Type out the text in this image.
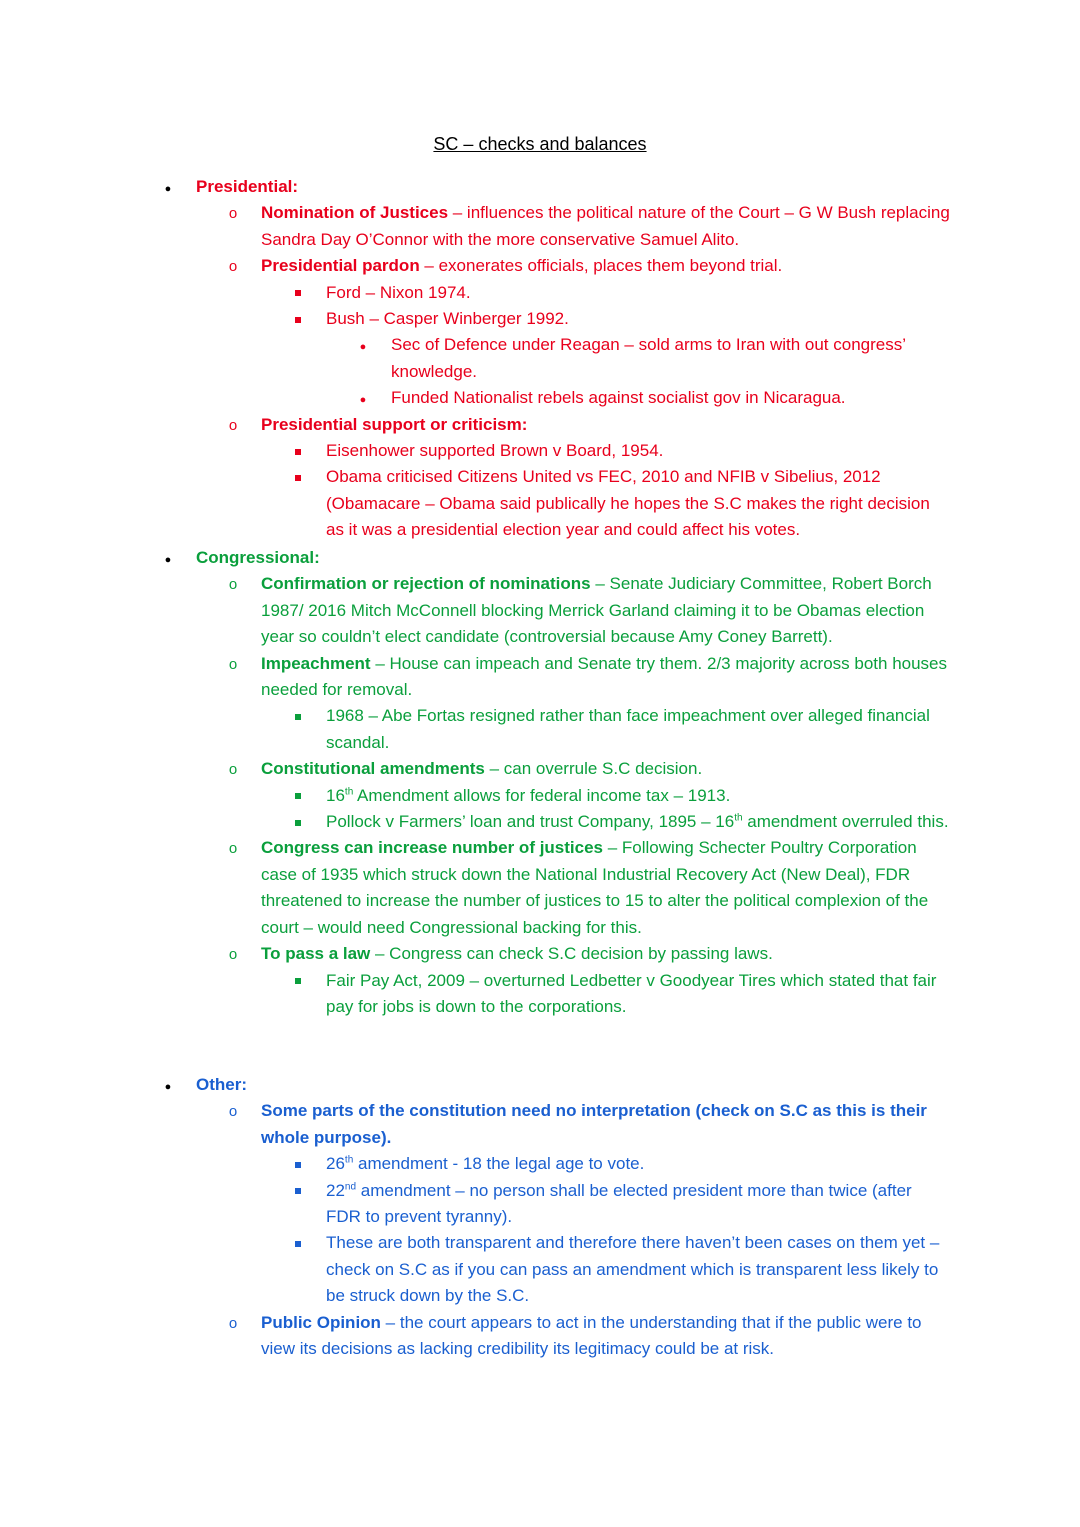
SC – checks and balances
●
Presidential:
o
Nomination of Justices – influences the political nature of the Court – G W Bush replacing Sandra Day O’Connor with the more conservative Samuel Alito.
o
Presidential pardon – exonerates officials, places them beyond trial.
Ford – Nixon 1974.
Bush – Casper Winberger 1992.
●
Sec of Defence under Reagan – sold arms to Iran with out congress’ knowledge.
●
Funded Nationalist rebels against socialist gov in Nicaragua.
o
Presidential support or criticism:
Eisenhower supported Brown v Board, 1954.
Obama criticised Citizens United vs FEC, 2010 and NFIB v Sibelius, 2012 (Obamacare – Obama said publically he hopes the S.C makes the right decision as it was a presidential election year and could affect his votes.
●
Congressional:
o
Confirmation or rejection of nominations – Senate Judiciary Committee, Robert Borch 1987/ 2016 Mitch McConnell blocking Merrick Garland claiming it to be Obamas election year so couldn’t elect candidate (controversial because Amy Coney Barrett).
o
Impeachment – House can impeach and Senate try them. 2/3 majority across both houses needed for removal.
1968 – Abe Fortas resigned rather than face impeachment over alleged financial scandal.
o
Constitutional amendments – can overrule S.C decision.
16th Amendment allows for federal income tax – 1913.
Pollock v Farmers’ loan and trust Company, 1895 – 16th amendment overruled this.
o
Congress can increase number of justices – Following Schecter Poultry Corporation case of 1935 which struck down the National Industrial Recovery Act (New Deal), FDR threatened to increase the number of justices to 15 to alter the political complexion of the court – would need Congressional backing for this.
o
To pass a law – Congress can check S.C decision by passing laws.
Fair Pay Act, 2009 – overturned Ledbetter v Goodyear Tires which stated that fair pay for jobs is down to the corporations.
●
Other:
o
Some parts of the constitution need no interpretation (check on S.C as this is their whole purpose).
26th amendment - 18 the legal age to vote.
22nd amendment – no person shall be elected president more than twice (after FDR to prevent tyranny).
These are both transparent and therefore there haven’t been cases on them yet – check on S.C as if you can pass an amendment which is transparent less likely to be struck down by the S.C.
o
Public Opinion – the court appears to act in the understanding that if the public were to view its decisions as lacking credibility its legitimacy could be at risk.
